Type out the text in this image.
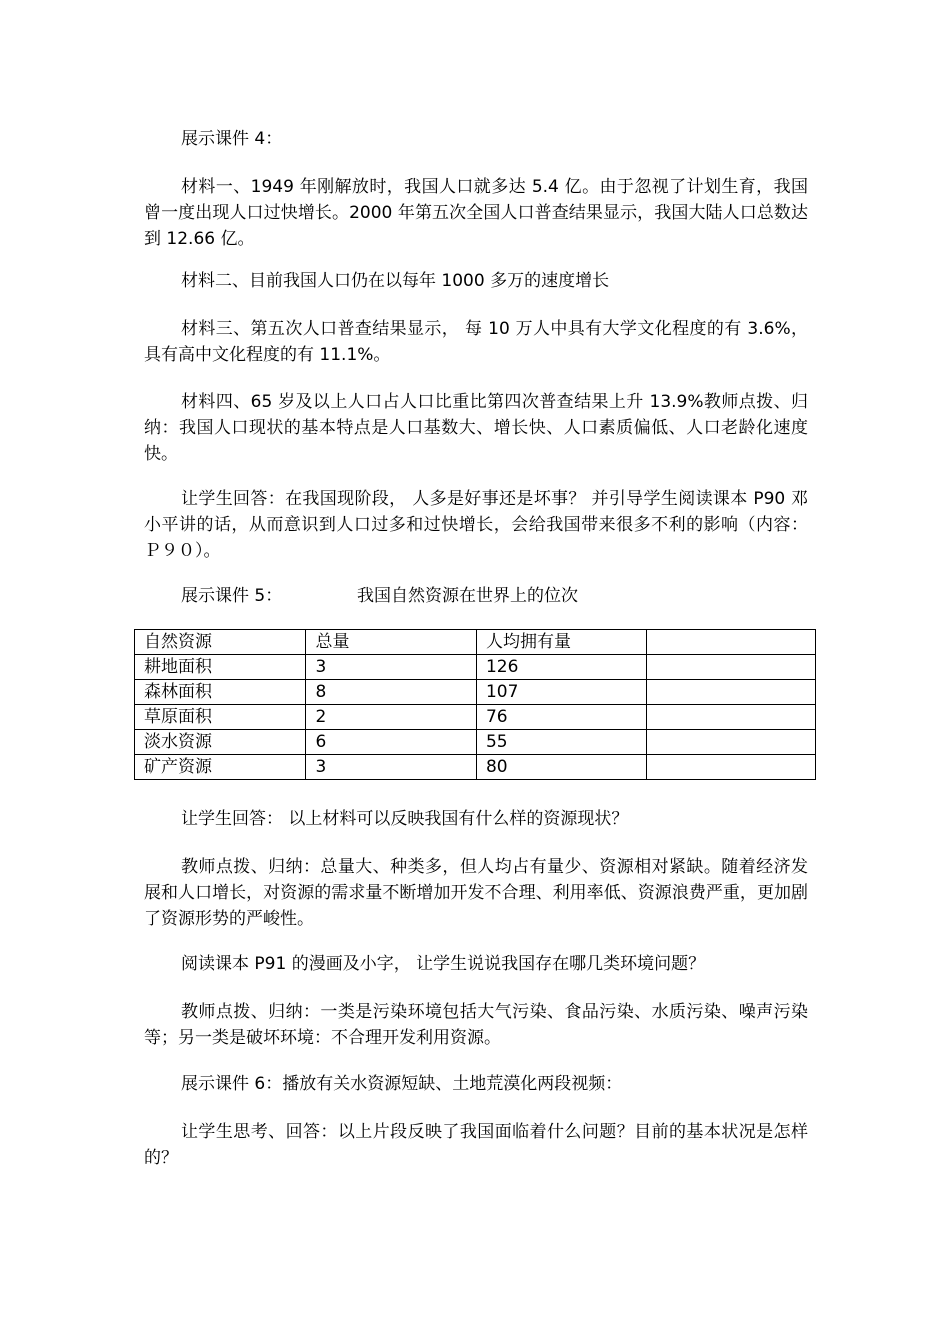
展示课件 4：

材料一、1949 年刚解放时，我国人口就多达 5.4 亿。由于忽视了计划生育，我国曾一度出现人口过快增长。2000 年第五次全国人口普查结果显示，我国大陆人口总数达到 12.66 亿。

材料二、目前我国人口仍在以每年 1000 多万的速度增长

材料三、第五次人口普查结果显示， 每 10 万人中具有大学文化程度的有 3.6%， 具有高中文化程度的有 11.1%。

材料四、65 岁及以上人口占人口比重比第四次普查结果上升 13.9%教师点拨、归纳：我国人口现状的基本特点是人口基数大、增长快、人口素质偏低、人口老龄化速度快。

让学生回答：在我国现阶段， 人多是好事还是坏事？ 并引导学生阅读课本 P90 邓小平讲的话，从而意识到人口过多和过快增长，会给我国带来很多不利的影响（内容： Ｐ９０）。

展示课件 5：	我国自然资源在世界上的位次

自然资源	总量	人均拥有量	
耕地面积	3	126	
森林面积	8	107	
草原面积	2	76	
淡水资源	6	55	
矿产资源	3	80	

让学生回答： 以上材料可以反映我国有什么样的资源现状？

教师点拨、归纳：总量大、种类多，但人均占有量少、资源相对紧缺。随着经济发展和人口增长，对资源的需求量不断增加开发不合理、利用率低、资源浪费严重，更加剧了资源形势的严峻性。

阅读课本 P91 的漫画及小字， 让学生说说我国存在哪几类环境问题？

教师点拨、归纳：一类是污染环境包括大气污染、食品污染、水质污染、噪声污染等；另一类是破坏环境：不合理开发利用资源。

展示课件 6：播放有关水资源短缺、土地荒漠化两段视频：

让学生思考、回答：以上片段反映了我国面临着什么问题？目前的基本状况是怎样的？
